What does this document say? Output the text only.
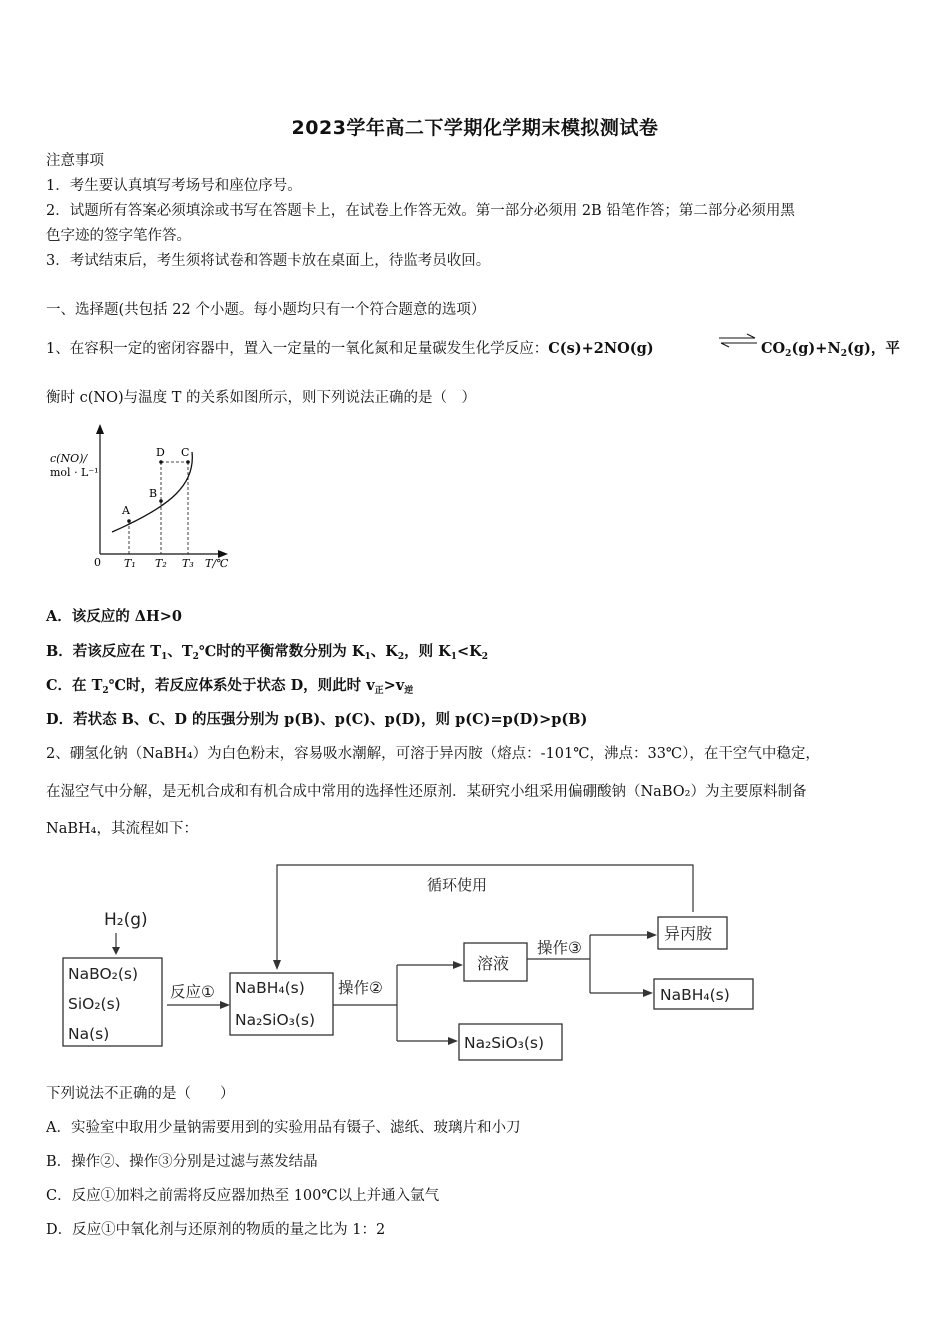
2023学年高二下学期化学期末模拟测试卷
注意事项
1．考生要认真填写考场号和座位序号。
2．试题所有答案必须填涂或书写在答题卡上，在试卷上作答无效。第一部分必须用 2B 铅笔作答；第二部分必须用黑
色字迹的签字笔作答。
3．考试结束后，考生须将试卷和答题卡放在桌面上，待监考员收回。
一、选择题(共包括 22 个小题。每小题均只有一个符合题意的选项）
1、在容积一定的密闭容器中，置入一定量的一氧化氮和足量碳发生化学反应：C(s)+2NO(g)	⇌ $CO_2(g)+N_2(g)$，平
衡时 c(NO)与温度 T 的关系如图所示，则下列说法正确的是（　）
c(NO)/
mol · L⁻¹
0 T₁ T₂ T₃ T/℃
A
B
D C
A．该反应的 ΔH>0
B．若该反应在 $T_1$、$T_2℃$时的平衡常数分别为 $K_1$、$K_2$，则 $K_1<K_2$
C．在 $T_2℃$时，若反应体系处于状态 D，则此时 $v_正>v_逆$
D．若状态 B、C、D 的压强分别为 p(B)、p(C)、p(D)，则 p(C)=p(D)>p(B)
2、硼氢化钠（NaBH₄）为白色粉末，容易吸水潮解，可溶于异丙胺（熔点：-101℃，沸点：33℃），在干空气中稳定，
在湿空气中分解，是无机合成和有机合成中常用的选择性还原剂．某研究小组采用偏硼酸钠（NaBO₂）为主要原料制备
NaBH₄，其流程如下：
循环使用
H₂(g)
NaBO₂(s)
SiO₂(s)
Na(s)
反应① NaBH₄(s)
Na₂SiO₃(s)
操作②
溶液
操作③
异丙胺
NaBH₄(s)
Na₂SiO₃(s)
下列说法不正确的是（　　）
A．实验室中取用少量钠需要用到的实验用品有镊子、滤纸、玻璃片和小刀
B．操作②、操作③分别是过滤与蒸发结晶
C．反应①加料之前需将反应器加热至 100℃以上并通入氩气
D．反应①中氧化剂与还原剂的物质的量之比为 1：2
